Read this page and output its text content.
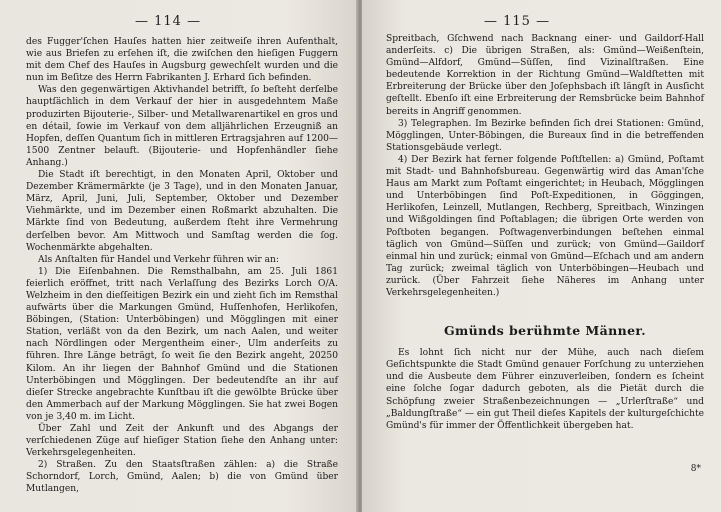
— 114 —

des Fugger'ſchen Hauſes hatten hier zeitweiſe ihren Aufenthalt, wie aus Briefen zu erſehen iſt, die zwiſchen den hieſigen Fuggern mit dem Chef des Hauſes in Augsburg gewechſelt wurden und die nun im Beſitze des Herrn Fabrikanten J. Erhard ſich befinden.

Was den gegenwärtigen Aktivhandel betrifft, ſo beſteht derſelbe hauptſächlich in dem Verkauf der hier in ausgedehntem Maße produzirten Bijouterie-, Silber- und Metallwarenartikel en gros und en détail, ſowie im Verkauf von dem alljährlichen Erzeugniß an Hopfen, deſſen Quantum ſich in mittleren Ertragsjahren auf 1200—1500 Zentner belauft. (Bijouterie- und Hopfenhändler ſiehe Anhang.)

Die Stadt iſt berechtigt, in den Monaten April, Oktober und Dezember Krämermärkte (je 3 Tage), und in den Monaten Januar, März, April, Juni, Juli, September, Oktober und Dezember Viehmärkte, und im Dezember einen Roßmarkt abzuhalten. Die Märkte ſind von Bedeutung, außerdem ſteht ihre Vermehrung derſelben bevor. Am Mittwoch und Samſtag werden die ſog. Wochenmärkte abgehalten.

Als Anſtalten für Handel und Verkehr führen wir an:

1) Die Eiſenbahnen. Die Remsthalbahn, am 25. Juli 1861 feierlich eröffnet, tritt nach Verlaſſung des Bezirks Lorch O/A. Welzheim in den dieſſeitigen Bezirk ein und zieht ſich im Remsthal aufwärts über die Markungen Gmünd, Huſſenhofen, Herlikofen, Böbingen, (Station: Unterböbingen) und Mögglingen mit einer Station, verläßt von da den Bezirk, um nach Aalen, und weiter nach Nördlingen oder Mergentheim einer-, Ulm anderſeits zu führen. Ihre Länge beträgt, ſo weit ſie den Bezirk angeht, 20250 Kilom. An ihr liegen der Bahnhof Gmünd und die Stationen Unterböbingen und Mögglingen. Der bedeutendſte an ihr auf dieſer Strecke angebrachte Kunſtbau iſt die gewölbte Brücke über den Ammerbach auf der Markung Mögglingen. Sie hat zwei Bogen von je 3,40 m. im Licht.

Über Zahl und Zeit der Ankunft und des Abgangs der verſchiedenen Züge auf hieſiger Station ſiehe den Anhang unter: Verkehrsgelegenheiten.

2) Straßen. Zu den Staatsſtraßen zählen: a) die Straße Schorndorf, Lorch, Gmünd, Aalen; b) die von Gmünd über Mutlangen,

— 115 —

Spreitbach, Gſchwend nach Backnang einer- und Gaildorf-Hall anderſeits. c) Die übrigen Straßen, als: Gmünd—Weißenſtein, Gmünd—Alfdorf, Gmünd—Süſſen, ſind Vizinalſtraßen. Eine bedeutende Korrektion in der Richtung Gmünd—Waldſtetten mit Erbreiterung der Brücke über den Joſephsbach iſt längſt in Ausſicht geſtellt. Ebenſo iſt eine Erbreiterung der Remsbrücke beim Bahnhof bereits in Angriff genommen.

3) Telegraphen. Im Bezirke befinden ſich drei Stationen: Gmünd, Mögglingen, Unter-Böbingen, die Bureaux ſind in die betreffenden Stationsgebäude verlegt.

4) Der Bezirk hat ferner folgende Poſtſtellen: a) Gmünd, Poſtamt mit Stadt- und Bahnhofsbureau. Gegenwärtig wird das Aman'ſche Haus am Markt zum Poſtamt eingerichtet; in Heubach, Mögglingen und Unterböbingen ſind Poſt-Expeditionen, in Göggingen, Herlikofen, Leinzell, Mutlangen, Rechberg, Spreitbach, Winzingen und Wißgoldingen ſind Poſtablagen; die übrigen Orte werden von Poſtboten begangen. Poſtwagenverbindungen beſtehen einmal täglich von Gmünd—Süſſen und zurück; von Gmünd—Gaildorf einmal hin und zurück; einmal von Gmünd—Eſchach und am andern Tag zurück; zweimal täglich von Unterböbingen—Heubach und zurück. (Über Fahrzeit ſiehe Näheres im Anhang unter Verkehrsgelegenheiten.)

Gmünds berühmte Männer.

Es lohnt ſich nicht nur der Mühe, auch nach dieſem Geſichtspunkte die Stadt Gmünd genauer Forſchung zu unterziehen und die Ausbeute dem Führer einzuverleiben, ſondern es ſcheint eine ſolche ſogar dadurch geboten, als die Pietät durch die Schöpfung zweier Straßenbezeichnungen — „Urlerſtraße“ und „Baldungſtraße“ — ein gut Theil dieſes Kapitels der kulturgeſchichte Gmünd's für immer der Öffentlichkeit übergeben hat.

8*
